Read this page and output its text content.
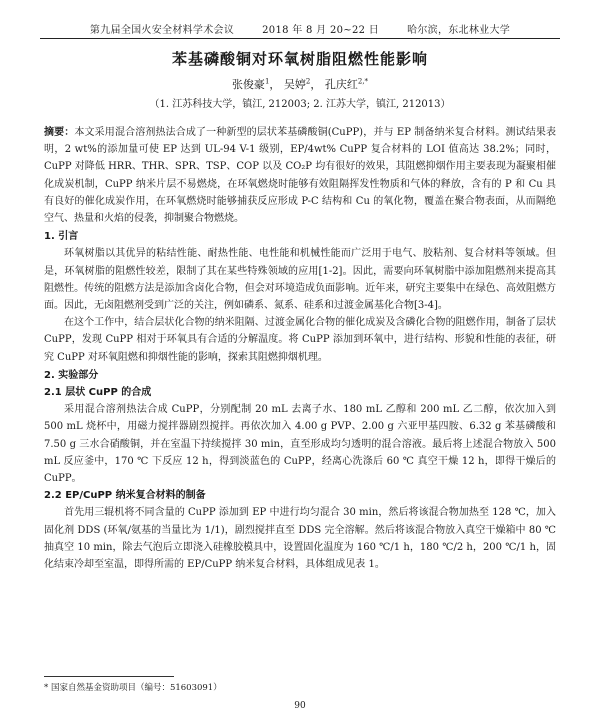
第九届全国火安全材料学术会议	2018 年 8 月 20~22 日	哈尔滨，东北林业大学
苯基磷酸铜对环氧树脂阻燃性能影响
张俊豪$^1$， 吴婷$^2$， 孔庆红$^{2,*}$
（1. 江苏科技大学，镇江, 212003; 2. 江苏大学，镇江, 212013）

摘要：本文采用混合溶剂热法合成了一种新型的层状苯基磷酸铜(CuPP)，并与 EP 制备纳米复合材料。测试结果表明，2 wt%的添加量可使 EP 达到 UL-94 V-1 级别，EP/4wt% CuPP 复合材料的 LOI 值高达 38.2%；同时，CuPP 对降低 HRR、THR、SPR、TSP、COP 以及 CO₂P 均有很好的效果，其阻燃抑烟作用主要表现为凝聚相催化成炭机制，CuPP 纳米片层不易燃烧，在环氧燃烧时能够有效阻隔挥发性物质和气体的释放，含有的 P 和 Cu 具有良好的催化成炭作用，在环氧燃烧时能够捕获反应形成 P-C 结构和 Cu 的氧化物，覆盖在聚合物表面，从而隔绝空气、热量和火焰的侵袭，抑制聚合物燃烧。

1. 引言

环氧树脂以其优异的粘结性能、耐热性能、电性能和机械性能而广泛用于电气、胶粘剂、复合材料等领域。但是，环氧树脂的阻燃性较差，限制了其在某些特殊领域的应用[1-2]。因此，需要向环氧树脂中添加阻燃剂来提高其阻燃性。传统的阻燃方法是添加含卤化合物，但会对环境造成负面影响。近年来，研究主要集中在绿色、高效阻燃方面。因此，无卤阻燃剂受到广泛的关注，例如磷系、氮系、硅系和过渡金属基化合物[3-4]。

在这个工作中，结合层状化合物的纳米阻隔、过渡金属化合物的催化成炭及含磷化合物的阻燃作用，制备了层状 CuPP，发现 CuPP 相对于环氧具有合适的分解温度。将 CuPP 添加到环氧中，进行结构、形貌和性能的表征，研究 CuPP 对环氧阻燃和抑烟性能的影响，探索其阻燃抑烟机理。

2. 实验部分
2.1 层状 CuPP 的合成

采用混合溶剂热法合成 CuPP，分别配制 20 mL 去离子水、180 mL 乙醇和 200 mL 乙二醇，依次加入到 500 mL 烧杯中，用磁力搅拌器剧烈搅拌。再依次加入 4.00 g PVP、2.00 g 六亚甲基四胺、6.32 g 苯基磷酸和 7.50 g 三水合硝酸铜，并在室温下持续搅拌 30 min，直至形成均匀透明的混合溶液。最后将上述混合物放入 500 mL 反应釜中，170 ℃ 下反应 12 h，得到淡蓝色的 CuPP，经离心洗涤后 60 ℃ 真空干燥 12 h，即得干燥后的 CuPP。

2.2 EP/CuPP 纳米复合材料的制备

首先用三辊机将不同含量的 CuPP 添加到 EP 中进行均匀混合 30 min，然后将该混合物加热至 128 ℃，加入固化剂 DDS (环氧/氨基的当量比为 1/1)，剧烈搅拌直至 DDS 完全溶解。然后将该混合物放入真空干燥箱中 80 ℃ 抽真空 10 min，除去气泡后立即浇入硅橡胶模具中，设置固化温度为 160 ℃/1 h，180 ℃/2 h，200 ℃/1 h，固化结束冷却至室温，即得所需的 EP/CuPP 纳米复合材料，具体组成见表 1。

* 国家自然基金资助项目（编号：51603091）
90
